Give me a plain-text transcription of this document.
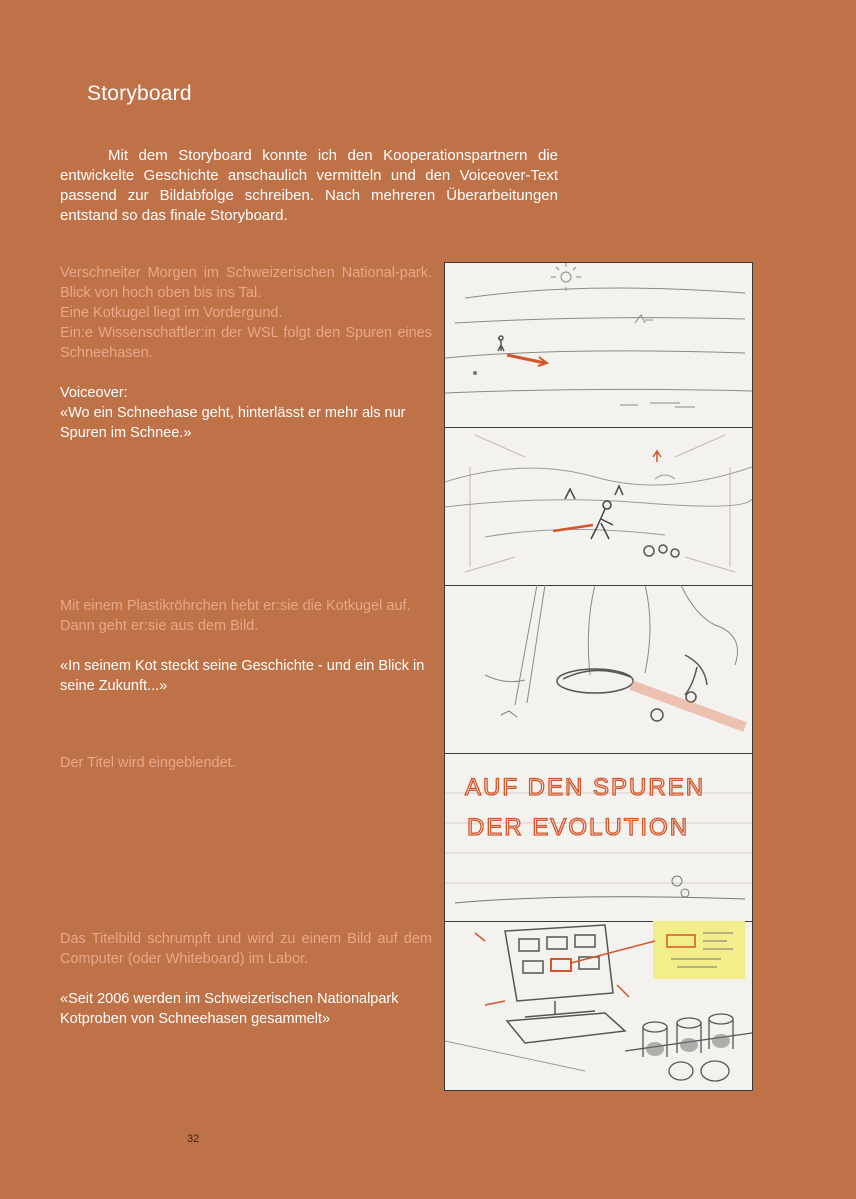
Storyboard
Mit dem Storyboard konnte ich den Kooperationspartnern die entwickelte Geschichte anschaulich vermitteln und den Voiceover-Text passend zur Bildabfolge schreiben. Nach mehreren Überarbeitungen entstand so das finale Storyboard.
Verschneiter Morgen im Schweizerischen National-park. Blick von hoch oben bis ins Tal.
Eine Kotkugel liegt im Vordergund.
Ein:e Wissenschaftler:in der WSL folgt den Spuren eines Schneehasen.
Voiceover:
«Wo ein Schneehase geht, hinterlässt er mehr als nur Spuren im Schnee.»
Mit einem Plastikröhrchen hebt er:sie die Kotkugel auf.
Dann geht er:sie aus dem Bild.
«In seinem Kot steckt seine Geschichte - und ein Blick in seine Zukunft...»
Der Titel wird eingeblendet.
Das Titelbild schrumpft und wird zu einem Bild auf dem Computer (oder Whiteboard) im Labor.
«Seit 2006 werden im Schweizerischen Nationalpark Kotproben von Schneehasen gesammelt»
AUF DEN SPUREN
DER EVOLUTION
32
